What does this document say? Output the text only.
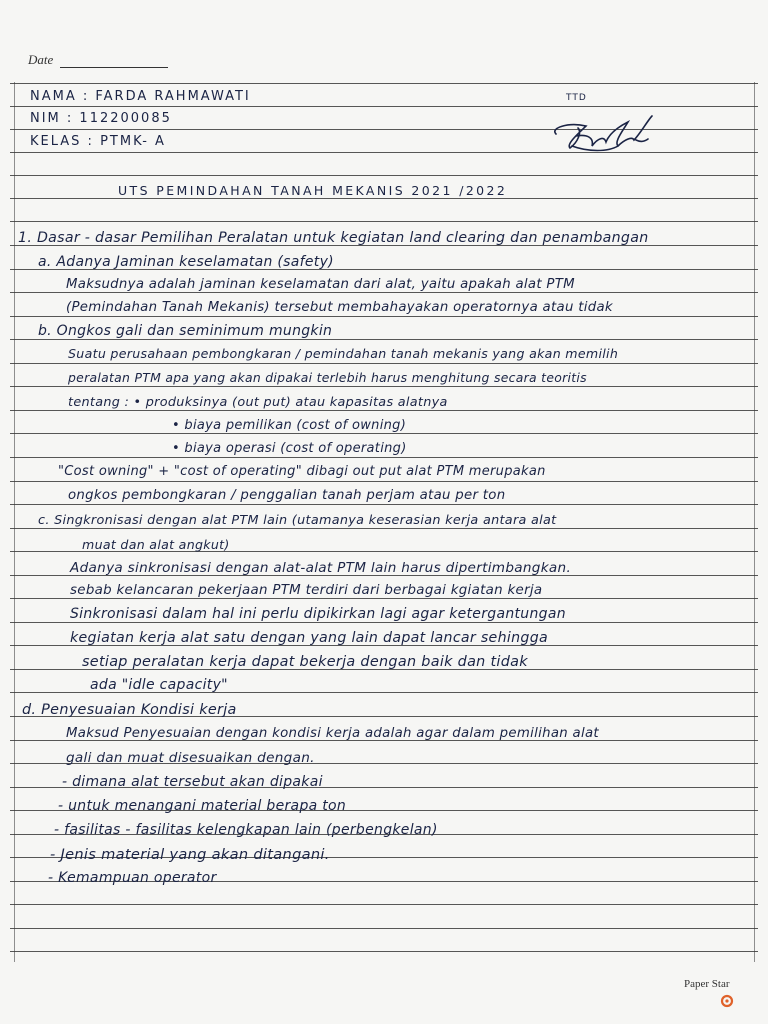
Date
NAMA : FARDA RAHMAWATI
NIM : 112200085
KELAS : PTMK- A
TTD
UTS PEMINDAHAN TANAH MEKANIS 2021 /2022
1. Dasar - dasar Pemilihan Peralatan untuk kegiatan land clearing dan penambangan
a. Adanya Jaminan keselamatan (safety)
Maksudnya adalah jaminan keselamatan dari alat, yaitu apakah alat PTM
(Pemindahan Tanah Mekanis) tersebut membahayakan operatornya atau tidak
b. Ongkos gali dan seminimum mungkin
Suatu perusahaan pembongkaran / pemindahan tanah mekanis yang akan memilih
peralatan PTM apa yang akan dipakai terlebih harus menghitung secara teoritis
tentang : • produksinya (out put) atau kapasitas alatnya
• biaya pemilikan (cost of owning)
• biaya operasi (cost of operating)
"Cost owning" + "cost of operating" dibagi out put alat PTM merupakan
ongkos pembongkaran / penggalian tanah perjam atau per ton
c. Singkronisasi dengan alat PTM lain (utamanya keserasian kerja antara alat
muat dan alat angkut)
Adanya sinkronisasi dengan alat-alat PTM lain harus dipertimbangkan.
sebab kelancaran pekerjaan PTM terdiri dari berbagai kgiatan kerja
Sinkronisasi dalam hal ini perlu dipikirkan lagi agar ketergantungan
kegiatan kerja alat satu dengan yang lain dapat lancar sehingga
setiap peralatan kerja dapat bekerja dengan baik dan tidak
ada "idle capacity"
d. Penyesuaian Kondisi kerja
Maksud Penyesuaian dengan kondisi kerja adalah agar dalam pemilihan alat
gali dan muat disesuaikan dengan.
- dimana alat tersebut akan dipakai
- untuk menangani material berapa ton
- fasilitas - fasilitas kelengkapan lain (perbengkelan)
- Jenis material yang akan ditangani.
- Kemampuan operator
Paper Star
